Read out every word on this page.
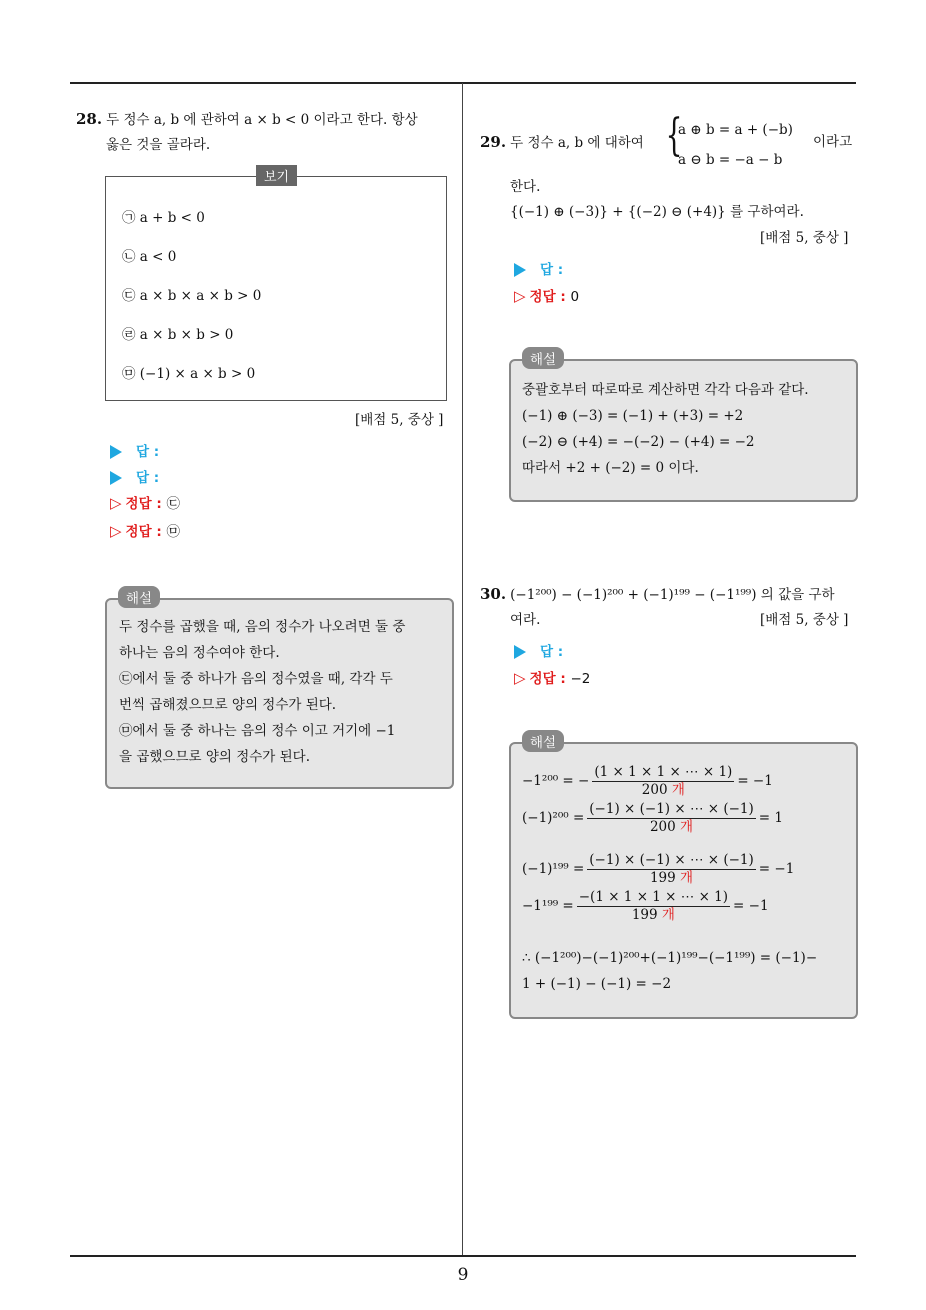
28. 두 정수 a, b 에 관하여 a × b < 0 이라고 한다. 항상
옳은 것을 골라라.
보기
㉠ a + b < 0
㉡ a < 0
㉢ a × b × a × b > 0
㉣ a × b × b > 0
㉤ (−1) × a × b > 0
[배점 5, 중상 ]
답 :
답 :
▷ 정답 : ㉢
▷ 정답 : ㉤
해설
두 정수를 곱했을 때, 음의 정수가 나오려면 둘 중
하나는 음의 정수여야 한다.
㉢에서 둘 중 하나가 음의 정수였을 때, 각각 두
번씩 곱해졌으므로 양의 정수가 된다.
㉤에서 둘 중 하나는 음의 정수 이고 거기에 −1
을 곱했으므로 양의 정수가 된다.
29. 두 정수 a, b 에 대하여 {
a ⊕ b = a + (−b)
a ⊖ b = −a − b
이라고
한다.
{(−1) ⊕ (−3)} + {(−2) ⊖ (+4)} 를 구하여라.
[배점 5, 중상 ]
답 :
▷ 정답 : 0
해설
중괄호부터 따로따로 계산하면 각각 다음과 같다.
(−1) ⊕ (−3) = (−1) + (+3) = +2
(−2) ⊖ (+4) = −(−2) − (+4) = −2
따라서 +2 + (−2) = 0 이다.
30. (−1²⁰⁰) − (−1)²⁰⁰ + (−1)¹⁹⁹ − (−1¹⁹⁹) 의 값을 구하
여라.	[배점 5, 중상 ]
답 :
▷ 정답 : −2
해설
−1²⁰⁰ = − $\frac{(1 \times 1 \times 1 \times \cdots \times 1)}{\text{200 개}} = -1$
$(-1)^{200} = \frac{(-1) \times (-1) \times \cdots \times (-1)}{\text{200 개}} = 1$
$(-1)^{199} = \frac{(-1) \times (-1) \times \cdots \times (-1)}{\text{199 개}} = -1$
$-1^{199} = \frac{-(1 \times 1 \times 1 \times \cdots \times 1)}{\text{199 개}} = -1$
∴ (−1²⁰⁰)−(−1)²⁰⁰+(−1)¹⁹⁹−(−1¹⁹⁹) = (−1)−
1 + (−1) − (−1) = −2
9
